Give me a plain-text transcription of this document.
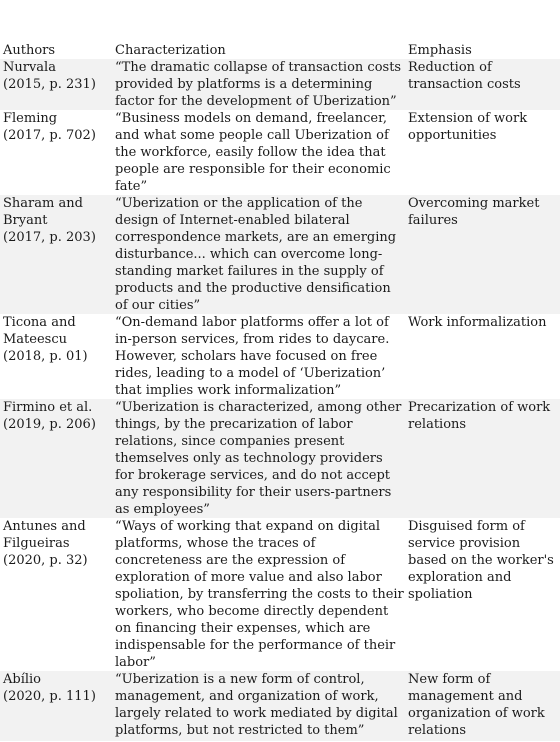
Authors	Characterization	Emphasis
Nurvala
(2015, p. 231)
“The dramatic collapse of transaction costs provided by platforms is a determining factor for the development of Uberization”
Reduction of transaction costs
Fleming
(2017, p. 702)
“Business models on demand, freelancer, and what some people call Uberization of the workforce, easily follow the idea that people are responsible for their economic fate”
Extension of work opportunities
Sharam and Bryant
(2017, p. 203)
“Uberization or the application of the design of Internet-enabled bilateral correspondence markets, are an emerging disturbance... which can overcome long-standing market failures in the supply of products and the productive densification of our cities”
Overcoming market failures
Ticona and Mateescu
(2018, p. 01)
“On-demand labor platforms offer a lot of in-person services, from rides to daycare. However, scholars have focused on free rides, leading to a model of ‘Uberization’ that implies work informalization”
Work informalization
Firmino et al.
(2019, p. 206)
“Uberization is characterized, among other things, by the precarization of labor relations, since companies present themselves only as technology providers for brokerage services, and do not accept any responsibility for their users-partners as employees”
Precarization of work relations
Antunes and Filgueiras
(2020, p. 32)
“Ways of working that expand on digital platforms, whose the traces of concreteness are the expression of exploration of more value and also labor spoliation, by transferring the costs to their workers, who become directly dependent on financing their expenses, which are indispensable for the performance of their labor”
Disguised form of service provision based on the worker's exploration and spoliation
Abílio
(2020, p. 111)
“Uberization is a new form of control, management, and organization of work, largely related to work mediated by digital platforms, but not restricted to them”
New form of management and organization of work relations
